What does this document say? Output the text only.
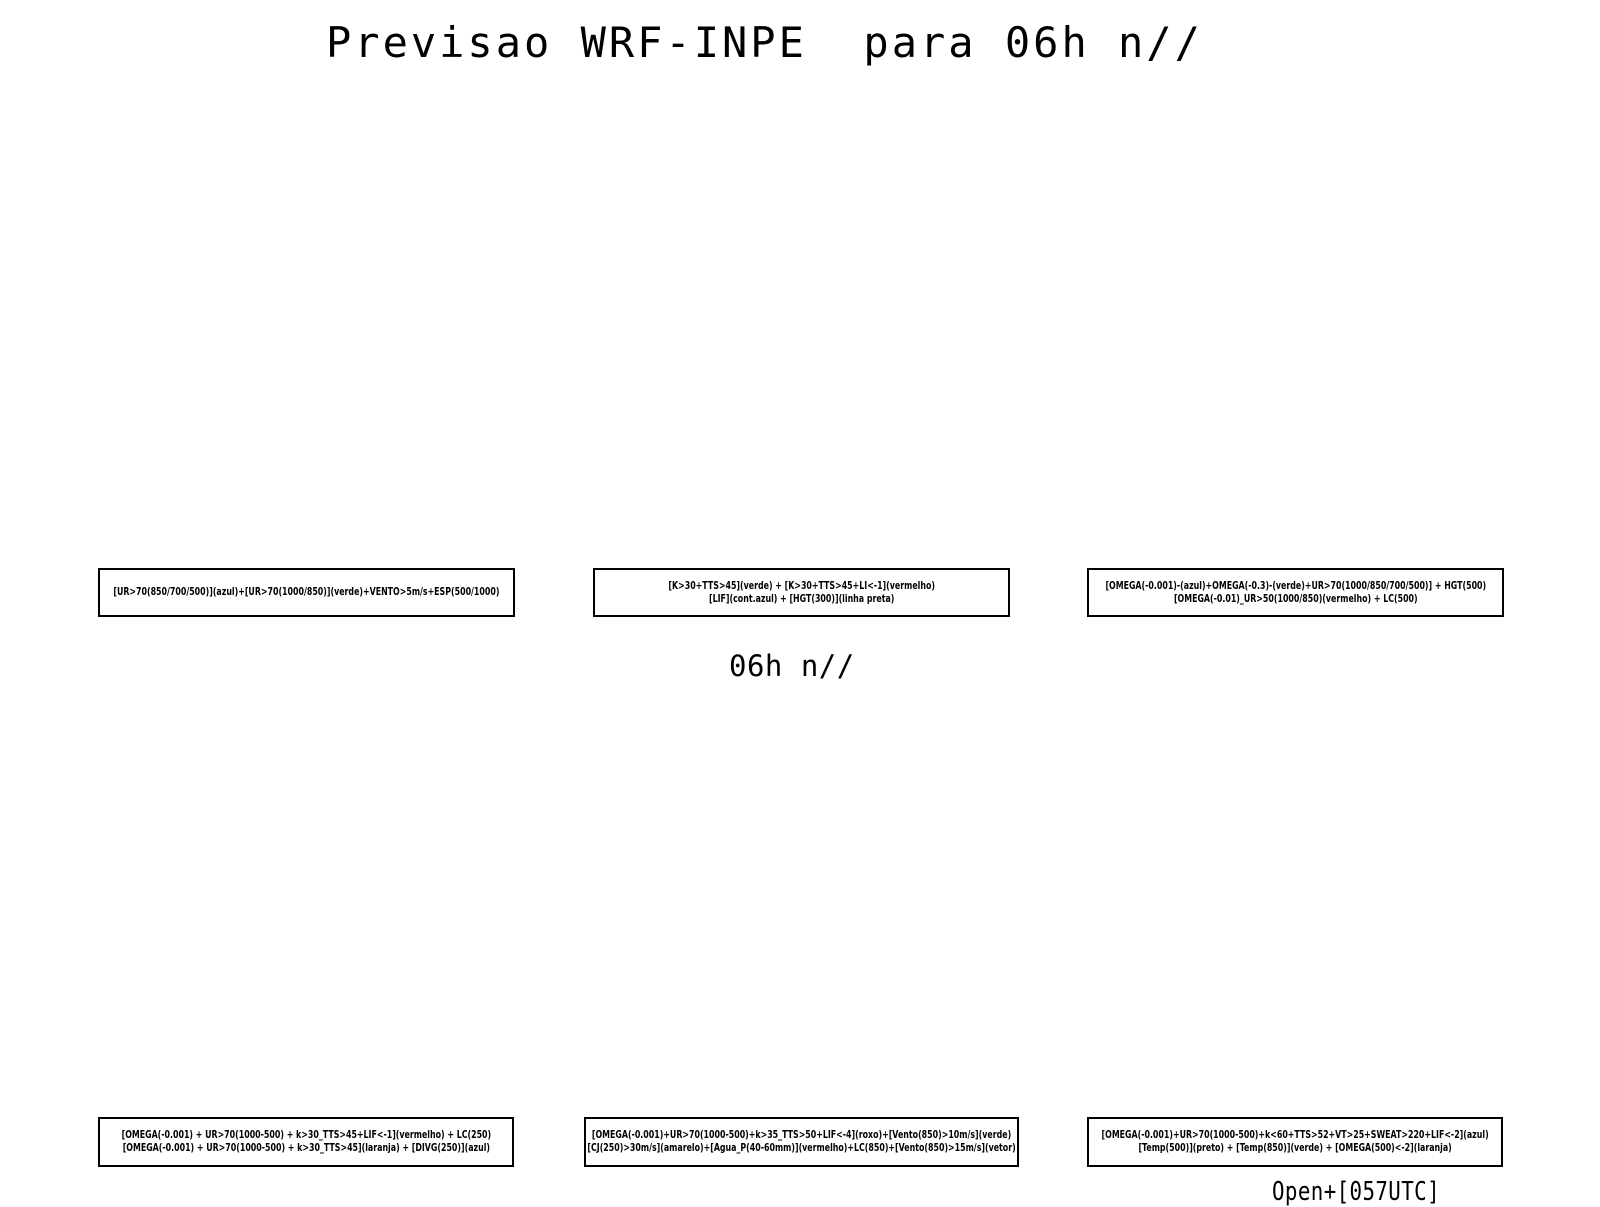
Previsao WRF-INPE  para 06h n//
[UR>70(850/700/500)](azul)+[UR>70(1000/850)](verde)+VENTO>5m/s+ESP(500/1000)
[K>30+TTS>45](verde) + [K>30+TTS>45+LI<-1](vermelho)
[LIF](cont.azul) + [HGT(300)](linha preta)
[OMEGA(-0.001)-(azul)+OMEGA(-0.3)-(verde)+UR>70(1000/850/700/500)] + HGT(500)
[OMEGA(-0.01)_UR>50(1000/850)(vermelho) + LC(500)
06h n//
[OMEGA(-0.001) + UR>70(1000-500) + k>30_TTS>45+LIF<-1](vermelho) + LC(250)
[OMEGA(-0.001) + UR>70(1000-500) + k>30_TTS>45](laranja) + [DIVG(250)](azul)
[OMEGA(-0.001)+UR>70(1000-500)+k>35_TTS>50+LIF<-4](roxo)+[Vento(850)>10m/s](verde)
[CJ(250)>30m/s](amarelo)+[Agua_P(40-60mm)](vermelho)+LC(850)+[Vento(850)>15m/s](vetor)
[OMEGA(-0.001)+UR>70(1000-500)+k<60+TTS>52+VT>25+SWEAT>220+LIF<-2](azul)
[Temp(500)](preto) + [Temp(850)](verde) + [OMEGA(500)<-2](laranja)
Open+[057UTC]
